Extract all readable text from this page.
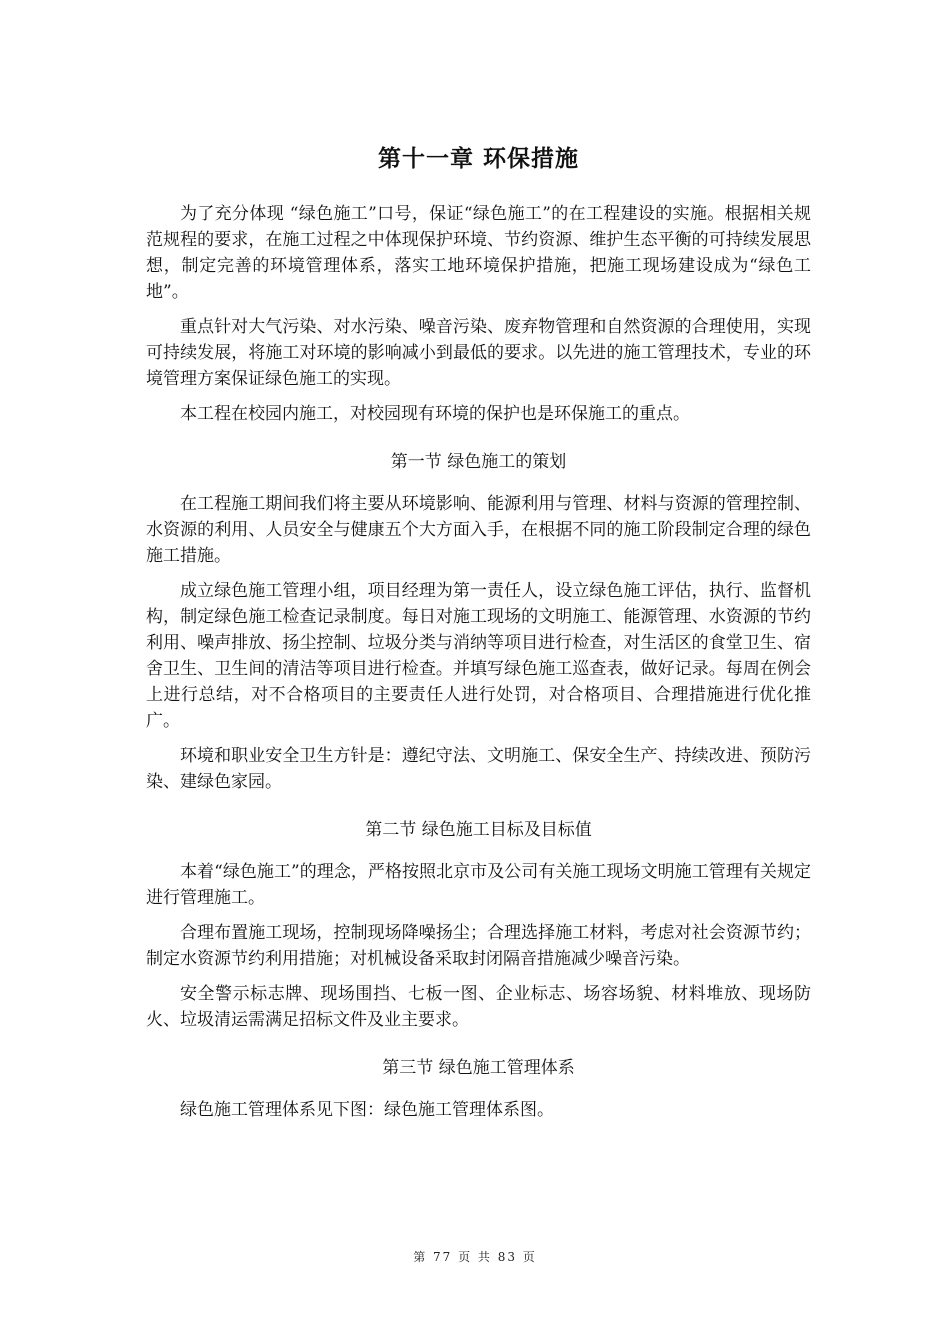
第十一章 环保措施

为了充分体现 “绿色施工”口号，保证“绿色施工”的在工程建设的实施。根据相关规范规程的要求，在施工过程之中体现保护环境、节约资源、维护生态平衡的可持续发展思想，制定完善的环境管理体系，落实工地环境保护措施，把施工现场建设成为“绿色工地”。

重点针对大气污染、对水污染、噪音污染、废弃物管理和自然资源的合理使用，实现可持续发展，将施工对环境的影响减小到最低的要求。以先进的施工管理技术，专业的环境管理方案保证绿色施工的实现。

本工程在校园内施工，对校园现有环境的保护也是环保施工的重点。

第一节 绿色施工的策划

在工程施工期间我们将主要从环境影响、能源利用与管理、材料与资源的管理控制、水资源的利用、人员安全与健康五个大方面入手，在根据不同的施工阶段制定合理的绿色施工措施。

成立绿色施工管理小组，项目经理为第一责任人，设立绿色施工评估，执行、监督机构，制定绿色施工检查记录制度。每日对施工现场的文明施工、能源管理、水资源的节约利用、噪声排放、扬尘控制、垃圾分类与消纳等项目进行检查，对生活区的食堂卫生、宿舍卫生、卫生间的清洁等项目进行检查。并填写绿色施工巡查表，做好记录。每周在例会上进行总结，对不合格项目的主要责任人进行处罚，对合格项目、合理措施进行优化推广。

环境和职业安全卫生方针是：遵纪守法、文明施工、保安全生产、持续改进、预防污染、建绿色家园。

第二节 绿色施工目标及目标值

本着“绿色施工”的理念，严格按照北京市及公司有关施工现场文明施工管理有关规定进行管理施工。

合理布置施工现场，控制现场降噪扬尘；合理选择施工材料，考虑对社会资源节约；制定水资源节约利用措施；对机械设备采取封闭隔音措施减少噪音污染。

安全警示标志牌、现场围挡、七板一图、企业标志、场容场貌、材料堆放、现场防火、垃圾清运需满足招标文件及业主要求。

第三节 绿色施工管理体系

绿色施工管理体系见下图：绿色施工管理体系图。

第 77 页 共 83 页
